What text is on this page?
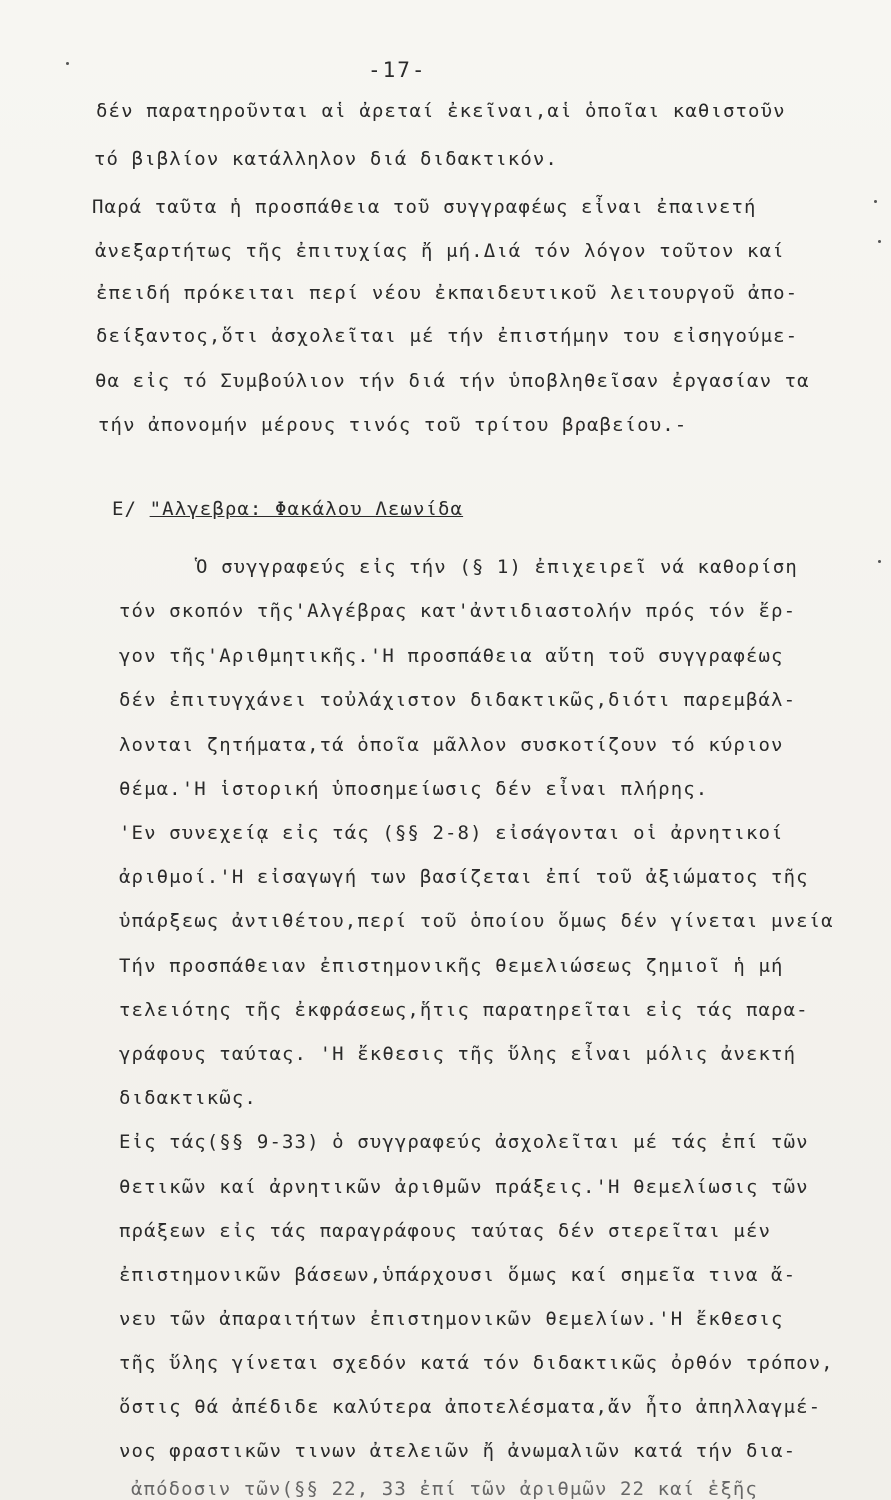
-17-
δέν παρατηροῦνται αἱ ἀρεταί ἐκεῖναι,αἱ ὁποῖαι καθιστοῦν
τό βιβλίον κατάλληλον διά διδακτικόν.
Παρά ταῦτα ἡ προσπάθεια τοῦ συγγραφέως εἶναι ἐπαινετή
ἀνεξαρτήτως τῆς ἐπιτυχίας ἤ μή.Διά τόν λόγον τοῦτον καί
ἐπειδή πρόκειται περί νέου ἐκπαιδευτικοῦ λειτουργοῦ ἀπο-
δείξαντος,ὅτι ἀσχολεῖται μέ τήν ἐπιστήμην του εἰσηγούμε-
θα εἰς τό Συμβούλιον τήν διά τήν ὑποβληθεῖσαν ἐργασίαν τα
τήν ἀπονομήν μέρους τινός τοῦ τρίτου βραβείου.-
Ε/ "Αλγεβρα: Φακάλου Λεωνίδα
Ὁ συγγραφεύς εἰς τήν (§ 1) ἐπιχειρεῖ νά καθορίση
τόν σκοπόν τῆς'Αλγέβρας κατ'ἀντιδιαστολήν πρός τόν ἔρ-
γον τῆς'Αριθμητικῆς.'Η προσπάθεια αὕτη τοῦ συγγραφέως
δέν ἐπιτυγχάνει τοὐλάχιστον διδακτικῶς,διότι παρεμβάλ-
λονται ζητήματα,τά ὁποῖα μᾶλλον συσκοτίζουν τό κύριον
θέμα.'Η ἱστορική ὑποσημείωσις δέν εἶναι πλήρης.
'Εν συνεχείᾳ εἰς τάς (§§ 2-8) εἰσάγονται οἱ ἀρνητικοί
ἀριθμοί.'Η εἰσαγωγή των βασίζεται ἐπί τοῦ ἀξιώματος τῆς
ὑπάρξεως ἀντιθέτου,περί τοῦ ὁποίου ὅμως δέν γίνεται μνεία
Τήν προσπάθειαν ἐπιστημονικῆς θεμελιώσεως ζημιοῖ ἡ μή
τελειότης τῆς ἐκφράσεως,ἥτις παρατηρεῖται εἰς τάς παρα-
γράφους ταύτας. 'Η ἔκθεσις τῆς ὕλης εἶναι μόλις ἀνεκτή
διδακτικῶς.
Εἰς τάς(§§ 9-33) ὁ συγγραφεύς ἀσχολεῖται μέ τάς ἐπί τῶν
θετικῶν καί ἀρνητικῶν ἀριθμῶν πράξεις.'Η θεμελίωσις τῶν
πράξεων εἰς τάς παραγράφους ταύτας δέν στερεῖται μέν
ἐπιστημονικῶν βάσεων,ὑπάρχουσι ὅμως καί σημεῖα τινα ἄ-
νευ τῶν ἀπαραιτήτων ἐπιστημονικῶν θεμελίων.'Η ἔκθεσις
τῆς ὕλης γίνεται σχεδόν κατά τόν διδακτικῶς ὀρθόν τρόπον,
ὅστις θά ἀπέδιδε καλύτερα ἀποτελέσματα,ἄν ἦτο ἀπηλλαγμέ-
νος φραστικῶν τινων ἀτελειῶν ἤ ἀνωμαλιῶν κατά τήν δια-
ἀπόδοσιν τῶν(§§ 22, 33 ἐπί τῶν ἀριθμῶν 22 καί ἑξῆς
